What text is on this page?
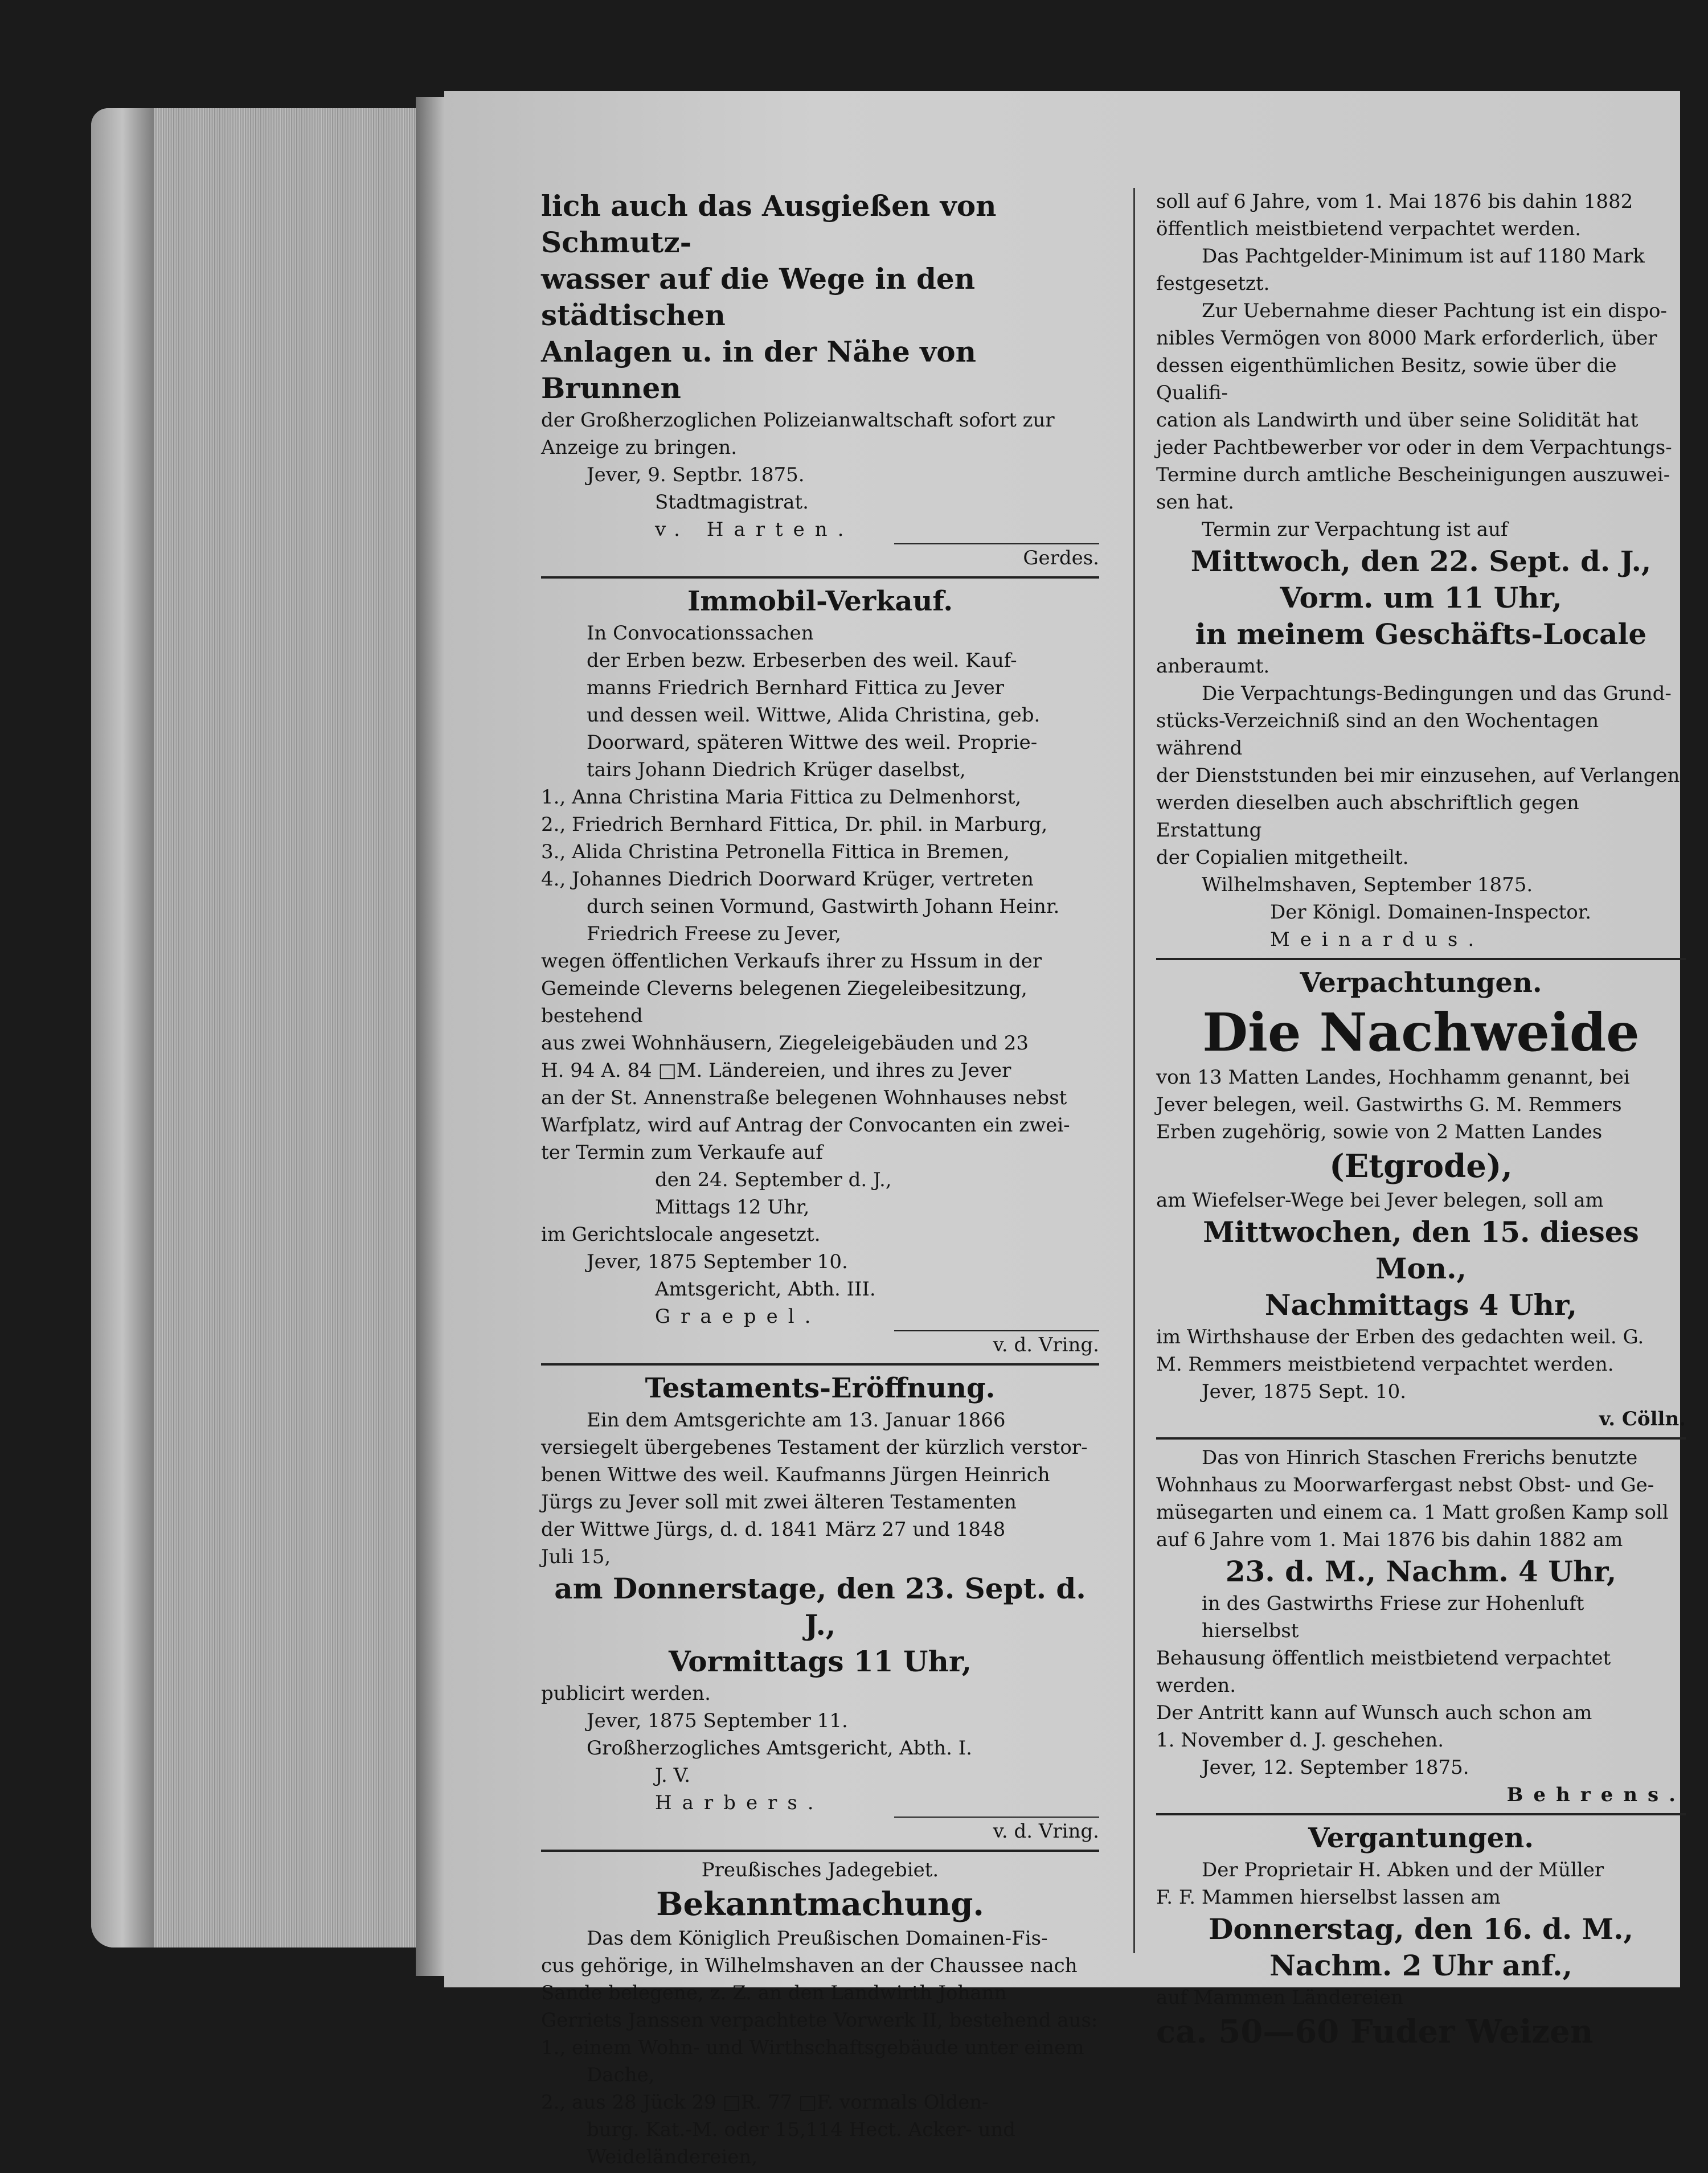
lich auch das Ausgießen von Schmutz-

wasser auf die Wege in den städtischen

Anlagen u. in der Nähe von Brunnen

der Großherzoglichen Polizeianwaltschaft sofort zur

Anzeige zu bringen.

Jever, 9. Septbr. 1875.

Stadtmagistrat.

v. Harten.

Gerdes.

Immobil-Verkauf.

In Convocationssachen

der Erben bezw. Erbeserben des weil. Kauf-

manns Friedrich Bernhard Fittica zu Jever

und dessen weil. Wittwe, Alida Christina, geb.

Doorward, späteren Wittwe des weil. Proprie-

tairs Johann Diedrich Krüger daselbst,

1., Anna Christina Maria Fittica zu Delmenhorst,

2., Friedrich Bernhard Fittica, Dr. phil. in Marburg,

3., Alida Christina Petronella Fittica in Bremen,

4., Johannes Diedrich Doorward Krüger, vertreten

durch seinen Vormund, Gastwirth Johann Heinr.

Friedrich Freese zu Jever,

wegen öffentlichen Verkaufs ihrer zu Hssum in der

Gemeinde Cleverns belegenen Ziegeleibesitzung, bestehend

aus zwei Wohnhäusern, Ziegeleigebäuden und 23

H. 94 A. 84 □M. Ländereien, und ihres zu Jever

an der St. Annenstraße belegenen Wohnhauses nebst

Warfplatz, wird auf Antrag der Convocanten ein zwei-

ter Termin zum Verkaufe auf

den 24. September d. J.,

Mittags 12 Uhr,

im Gerichtslocale angesetzt.

Jever, 1875 September 10.

Amtsgericht, Abth. III.

Graepel.

v. d. Vring.

Testaments-Eröffnung.

Ein dem Amtsgerichte am 13. Januar 1866

versiegelt übergebenes Testament der kürzlich verstor-

benen Wittwe des weil. Kaufmanns Jürgen Heinrich

Jürgs zu Jever soll mit zwei älteren Testamenten

der Wittwe Jürgs, d. d. 1841 März 27 und 1848

Juli 15,

am Donnerstage, den 23. Sept. d. J.,

Vormittags 11 Uhr,

publicirt werden.

Jever, 1875 September 11.

Großherzogliches Amtsgericht, Abth. I.

J. V.

Harbers.

v. d. Vring.

Preußisches Jadegebiet.

Bekanntmachung.

Das dem Königlich Preußischen Domainen-Fis-

cus gehörige, in Wilhelmshaven an der Chaussee nach

Sande belegene, z. Z. an den Landwirth Johann

Gerriets Janssen verpachtete Vorwerk II, bestehend aus:

1., einem Wohn- und Wirthschaftsgebäude unter einem

Dache,

2., aus 28 Jück 29 □R. 77 □F. vormals Olden-

burg. Kat.-M. oder 15,114 Hect. Acker- und

Weideländereien,

soll auf 6 Jahre, vom 1. Mai 1876 bis dahin 1882

öffentlich meistbietend verpachtet werden.

Das Pachtgelder-Minimum ist auf 1180 Mark

festgesetzt.

Zur Uebernahme dieser Pachtung ist ein dispo-

nibles Vermögen von 8000 Mark erforderlich, über

dessen eigenthümlichen Besitz, sowie über die Qualifi-

cation als Landwirth und über seine Solidität hat

jeder Pachtbewerber vor oder in dem Verpachtungs-

Termine durch amtliche Bescheinigungen auszuwei-

sen hat.

Termin zur Verpachtung ist auf

Mittwoch, den 22. Sept. d. J.,

Vorm. um 11 Uhr,

in meinem Geschäfts-Locale

anberaumt.

Die Verpachtungs-Bedingungen und das Grund-

stücks-Verzeichniß sind an den Wochentagen während

der Dienststunden bei mir einzusehen, auf Verlangen

werden dieselben auch abschriftlich gegen Erstattung

der Copialien mitgetheilt.

Wilhelmshaven, September 1875.

Der Königl. Domainen-Inspector.

Meinardus.

Verpachtungen.

Die Nachweide

von 13 Matten Landes, Hochhamm genannt, bei

Jever belegen, weil. Gastwirths G. M. Remmers

Erben zugehörig, sowie von 2 Matten Landes

(Etgrode),

am Wiefelser-Wege bei Jever belegen, soll am

Mittwochen, den 15. dieses Mon.,

Nachmittags 4 Uhr,

im Wirthshause der Erben des gedachten weil. G.

M. Remmers meistbietend verpachtet werden.

Jever, 1875 Sept. 10.

v. Cölln.

Das von Hinrich Staschen Frerichs benutzte

Wohnhaus zu Moorwarfergast nebst Obst- und Ge-

müsegarten und einem ca. 1 Matt großen Kamp soll

auf 6 Jahre vom 1. Mai 1876 bis dahin 1882 am

23. d. M., Nachm. 4 Uhr,

in des Gastwirths Friese zur Hohenluft hierselbst

Behausung öffentlich meistbietend verpachtet werden.

Der Antritt kann auf Wunsch auch schon am

1. November d. J. geschehen.

Jever, 12. September 1875.

Behrens.

Vergantungen.

Der Proprietair H. Abken und der Müller

F. F. Mammen hierselbst lassen am

Donnerstag, den 16. d. M.,

Nachm. 2 Uhr anf.,

auf Mammen Ländereien

ca. 50—60 Fuder Weizen
